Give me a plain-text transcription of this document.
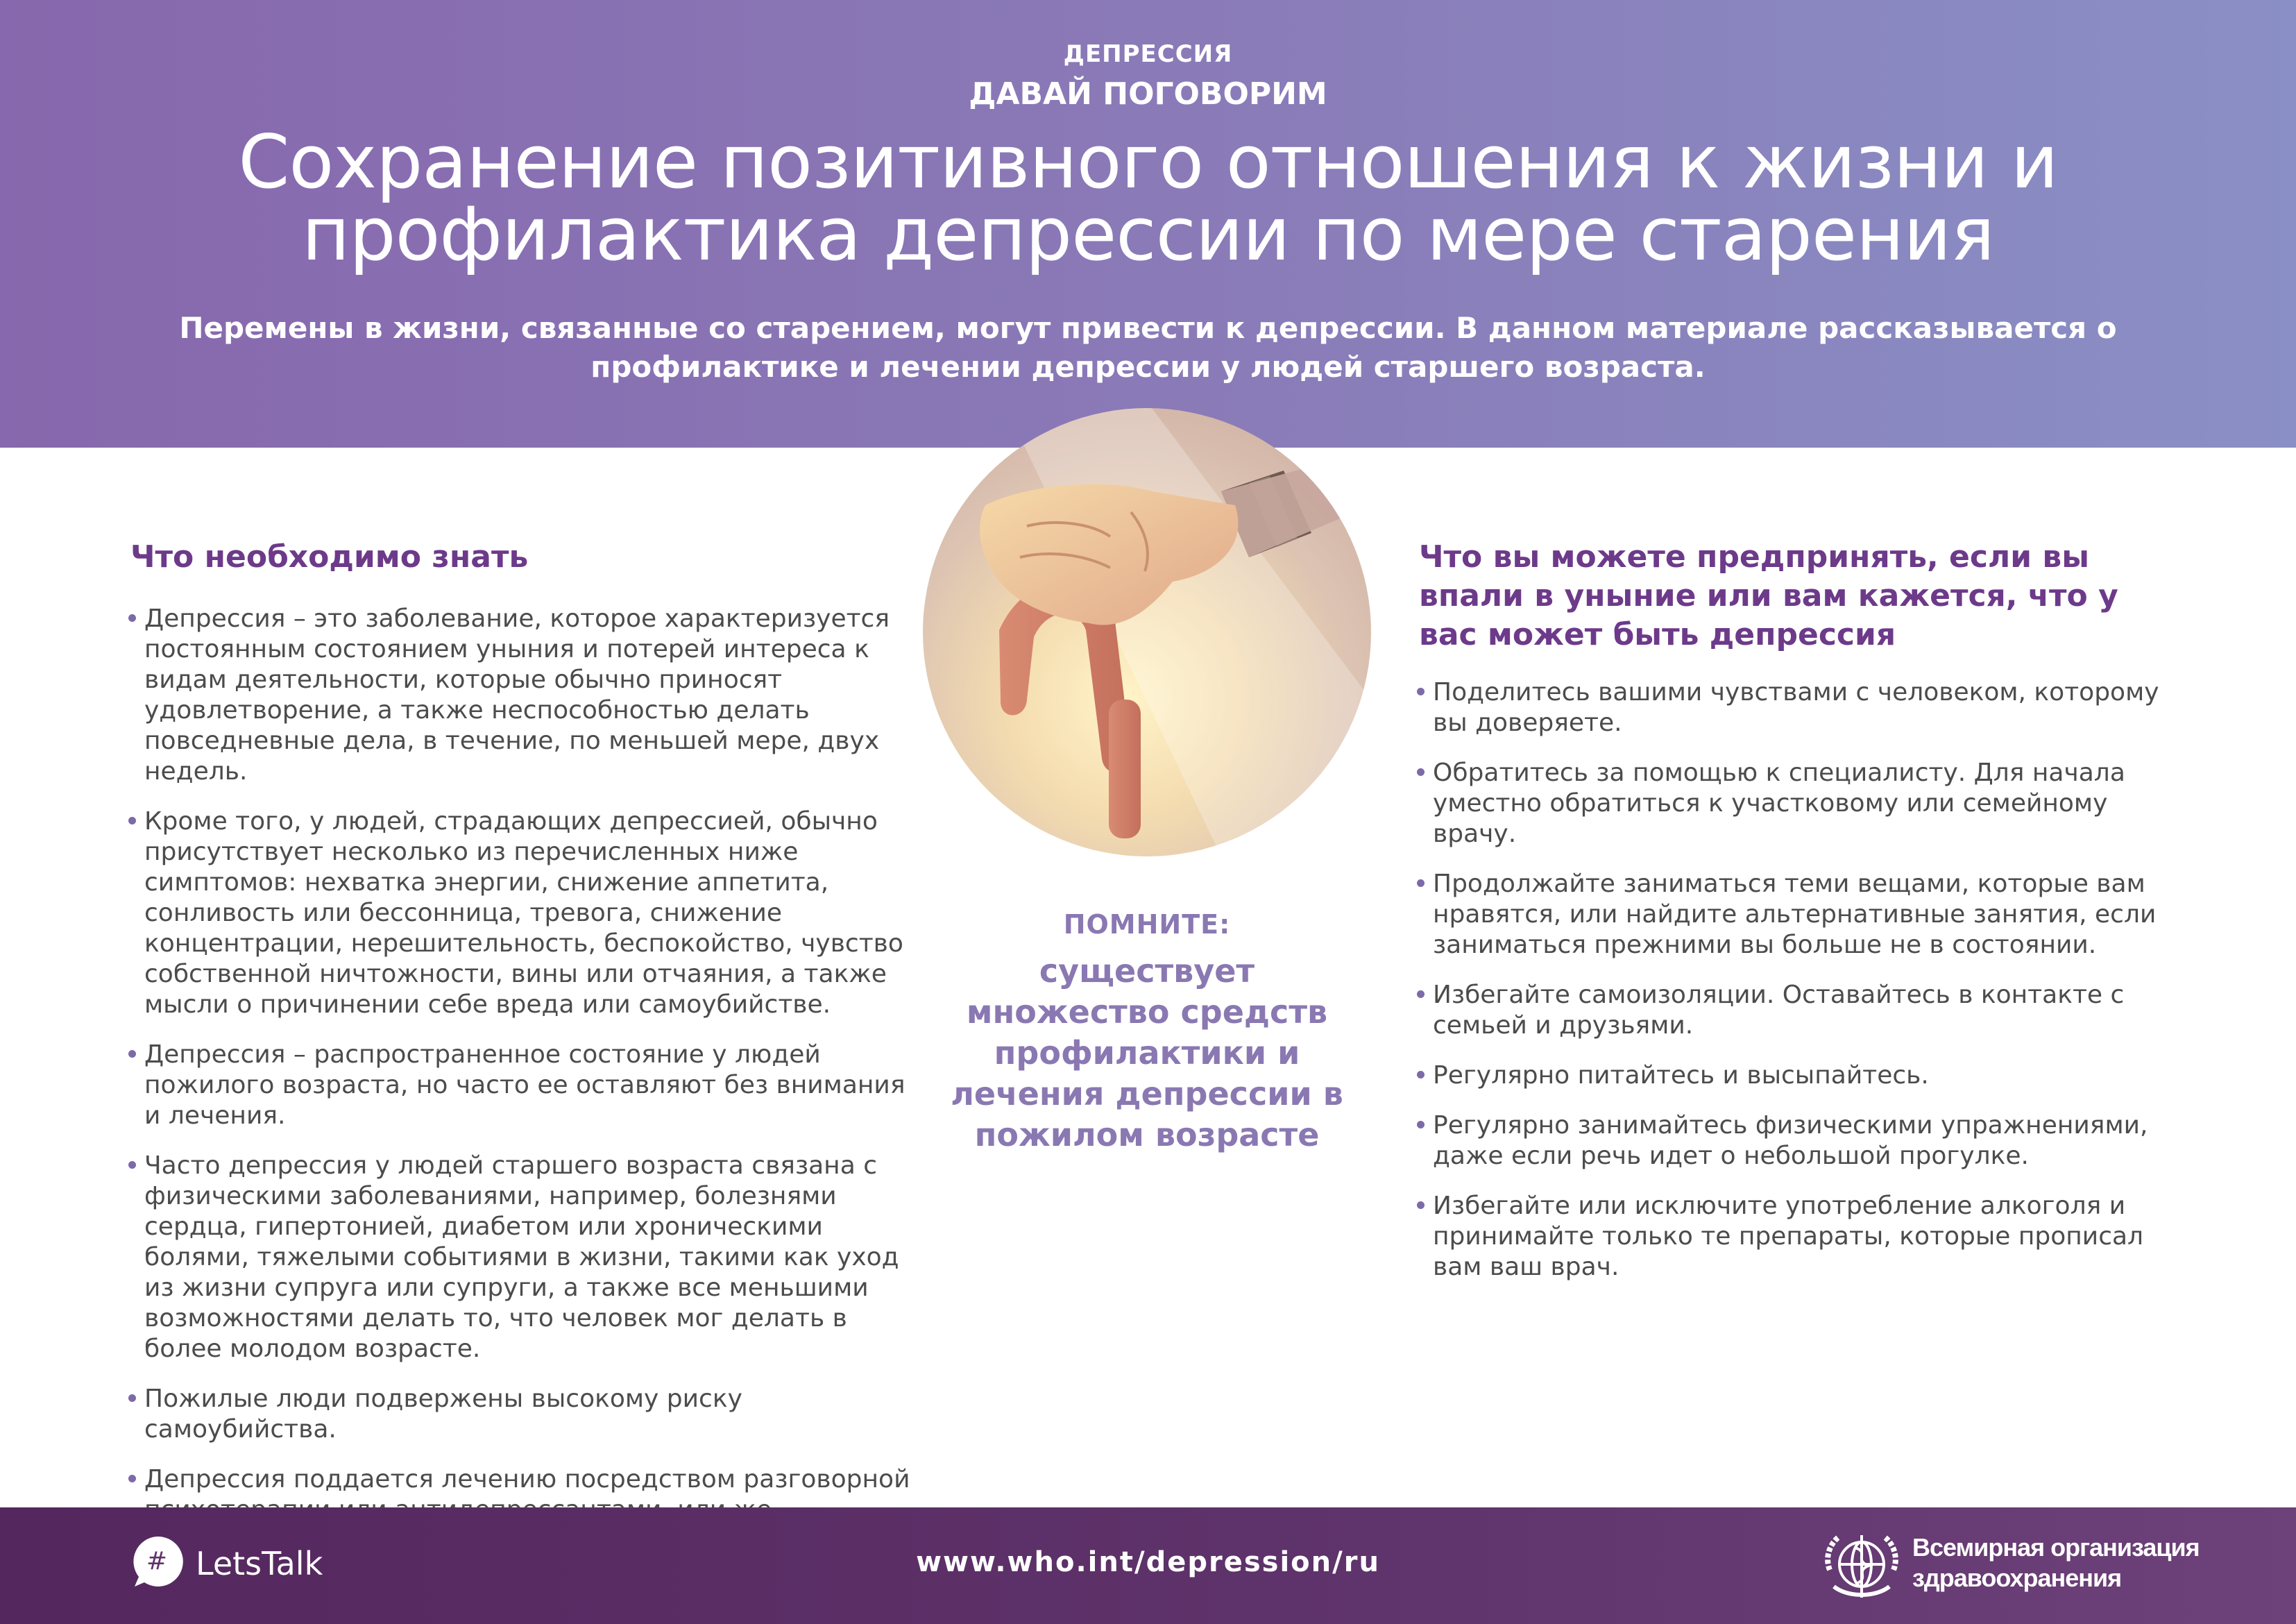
ДЕПРЕССИЯ
ДАВАЙ ПОГОВОРИМ
Сохранение позитивного отношения к жизни и профилактика депрессии по мере старения

Перемены в жизни, связанные со старением, могут привести к депрессии. В данном материале рассказывается о профилактике и лечении депрессии у людей старшего возраста.

Что необходимо знать
Депрессия – это заболевание, которое характеризуется постоянным состоянием уныния и потерей интереса к видам деятельности, которые обычно приносят удовлетворение, а также неспособностью делать повседневные дела, в течение, по меньшей мере, двух недель.
Кроме того, у людей, страдающих депрессией, обычно присутствует несколько из перечисленных ниже симптомов: нехватка энергии, снижение аппетита, сонливость или бессонница, тревога, снижение концентрации, нерешительность, беспокойство, чувство собственной ничтожности, вины или отчаяния, а также мысли о причинении себе вреда или самоубийстве.
Депрессия – распространенное состояние у людей пожилого возраста, но часто ее оставляют без внимания и лечения.
Часто депрессия у людей старшего возраста связана с физическими заболеваниями, например, болезнями сердца, гипертонией, диабетом или хроническими болями, тяжелыми событиями в жизни, такими как уход из жизни супруга или супруги, а также все меньшими возможностями делать то, что человек мог делать в более молодом возрасте.
Пожилые люди подвержены высокому риску самоубийства.
Депрессия поддается лечению посредством разговорной
ПОМНИТЕ:
существует множество средств профилактики и лечения депрессии в пожилом возрасте
Что вы можете предпринять, если вы впали в уныние или вам кажется, что у вас может быть депрессия
Поделитесь вашими чувствами с человеком, которому вы доверяете.
Обратитесь за помощью к специалисту. Для начала уместно обратиться к участковому или семейному врачу.
Продолжайте заниматься теми вещами, которые вам нравятся, или найдите альтернативные занятия, если заниматься прежними вы больше не в состоянии.
Избегайте самоизоляции. Оставайтесь в контакте с семьей и друзьями.
Регулярно питайтесь и высыпайтесь.
Регулярно занимайтесь физическими упражнениями, даже если речь идет о небольшой прогулке.
Избегайте или исключите употребление алкоголя и принимайте только те препараты, которые прописал вам ваш врач.
# LetsTalk	www.who.int/depression/ru	Всемирная организация
здравоохранения
